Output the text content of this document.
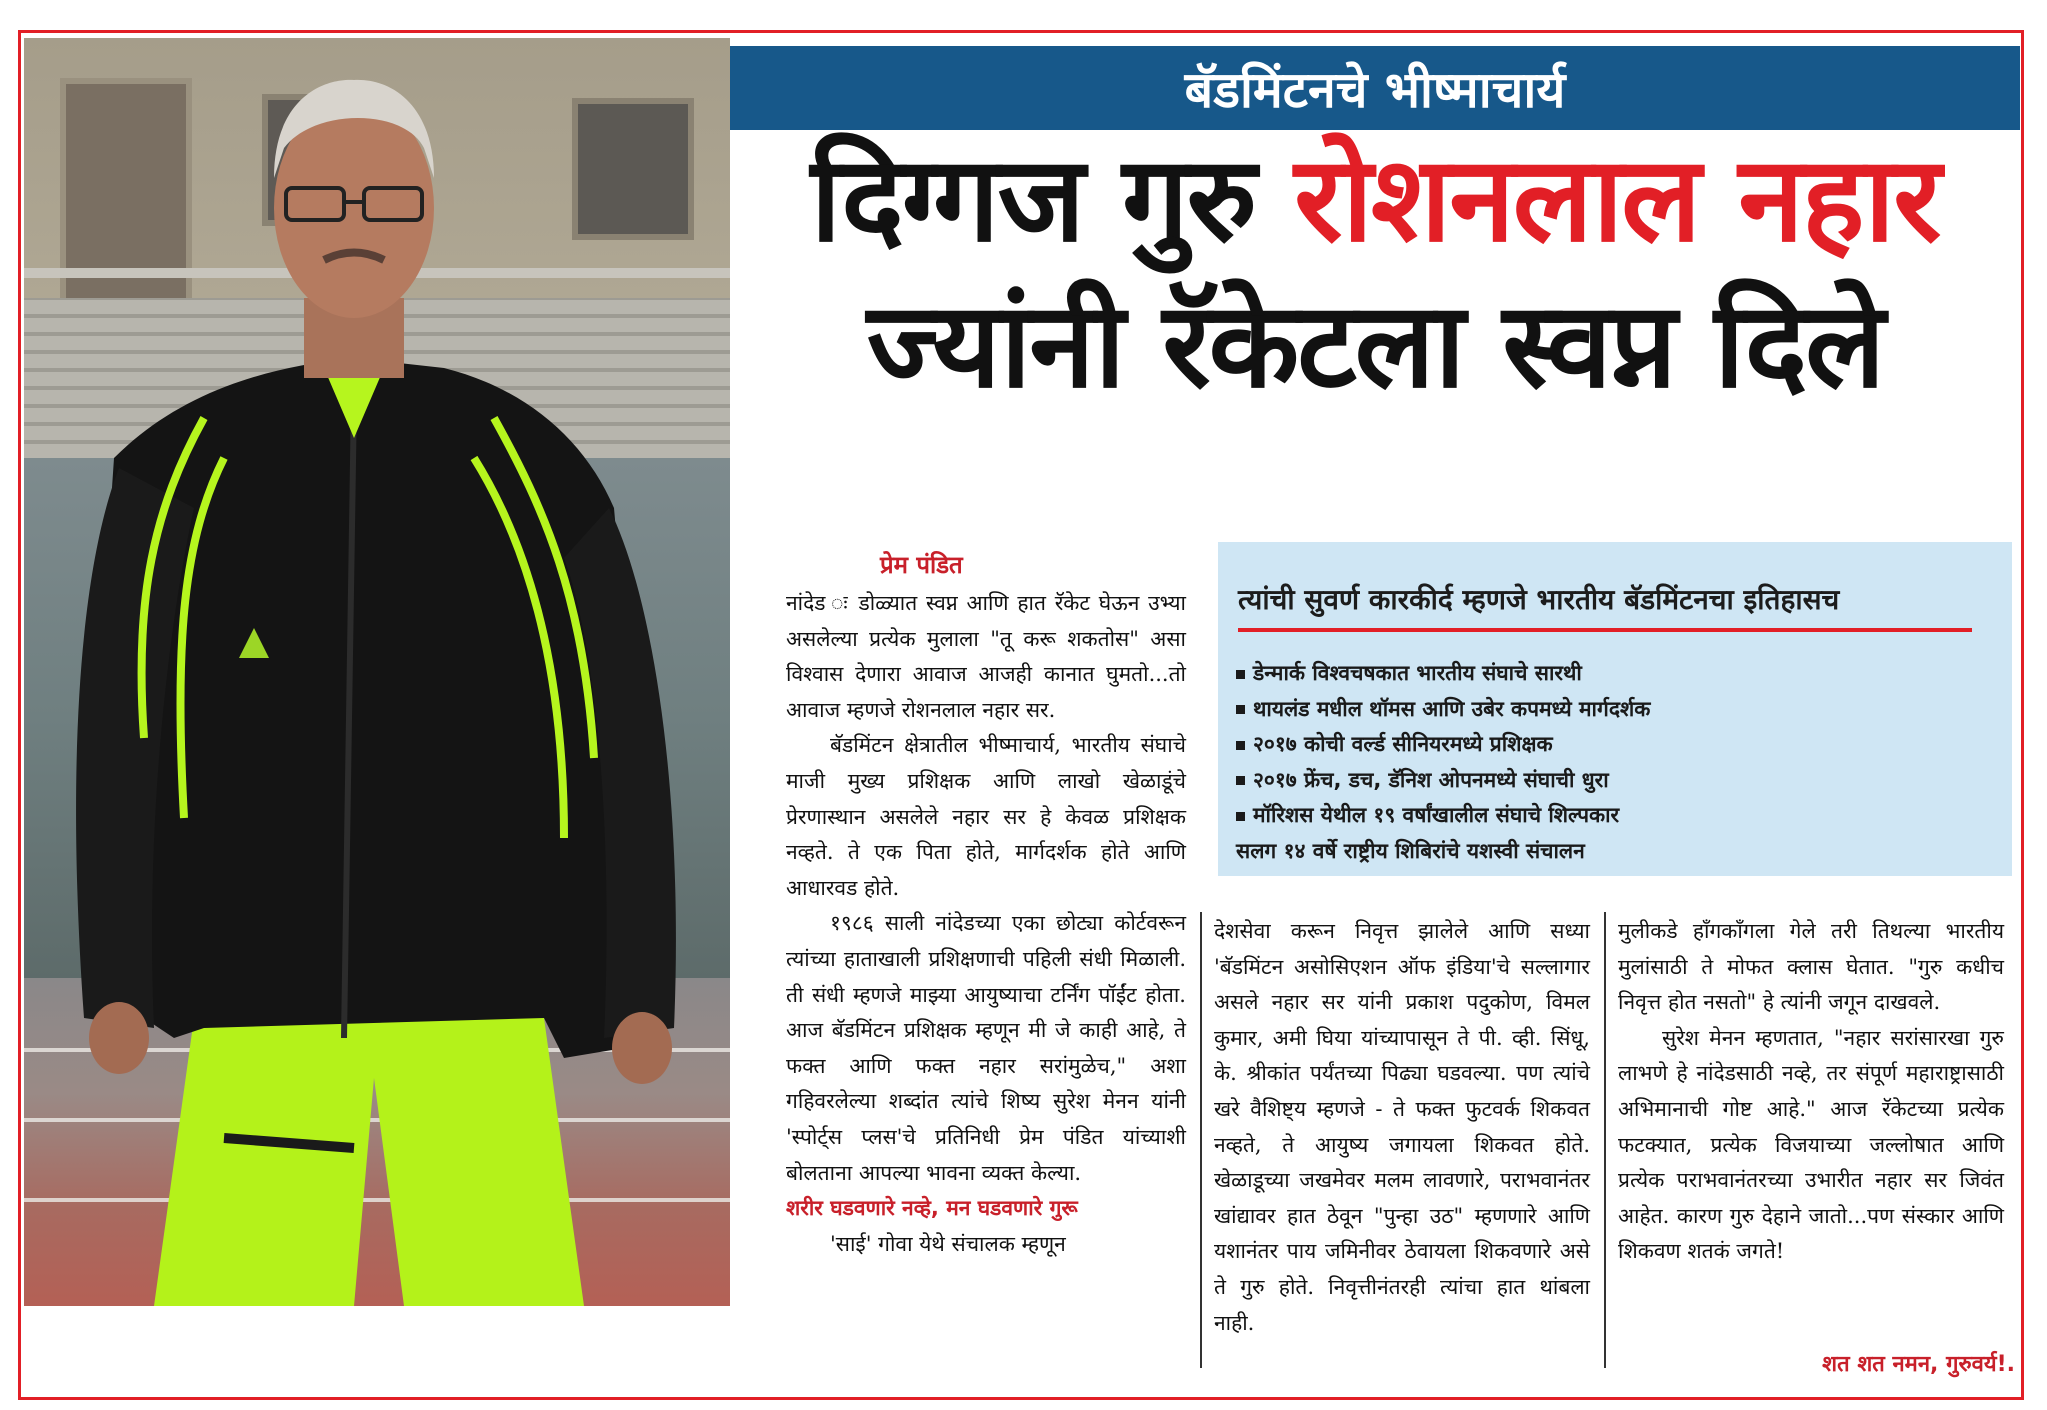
बॅडमिंटनचे भीष्माचार्य
दिग्गज गुरु रोशनलाल नहार
ज्यांनी रॅकेटला स्वप्न दिले
प्रेम पंडित

नांदेड ः डोळ्यात स्वप्न आणि हात रॅकेट घेऊन उभ्या असलेल्या प्रत्येक मुलाला "तू करू शकतोस" असा विश्वास देणारा आवाज आजही कानात घुमतो...तो आवाज म्हणजे रोशनलाल नहार सर.

बॅडमिंटन क्षेत्रातील भीष्माचार्य, भारतीय संघाचे माजी मुख्य प्रशिक्षक आणि लाखो खेळाडूंचे प्रेरणास्थान असलेले नहार सर हे केवळ प्रशिक्षक नव्हते. ते एक पिता होते, मार्गदर्शक होते आणि आधारवड होते.

१९८६ साली नांदेडच्या एका छोट्या कोर्टवरून त्यांच्या हाताखाली प्रशिक्षणाची पहिली संधी मिळाली. ती संधी म्हणजे माझ्या आयुष्याचा टर्निंग पॉईंट होता. आज बॅडमिंटन प्रशिक्षक म्हणून मी जे काही आहे, ते फक्त आणि फक्त नहार सरांमुळेच," अशा गहिवरलेल्या शब्दांत त्यांचे शिष्य सुरेश मेनन यांनी 'स्पोर्ट्स प्लस'चे प्रतिनिधी प्रेम पंडित यांच्याशी बोलताना आपल्या भावना व्यक्त केल्या.

शरीर घडवणारे नव्हे, मन घडवणारे गुरू

'साई' गोवा येथे संचालक म्हणून

त्यांची सुवर्ण कारकीर्द म्हणजे भारतीय बॅडमिंटनचा इतिहासच
डेन्मार्क विश्वचषकात भारतीय संघाचे सारथी
थायलंड मधील थॉमस आणि उबेर कपमध्ये मार्गदर्शक
२०१७ कोची वर्ल्ड सीनियरमध्ये प्रशिक्षक
२०१७ फ्रेंच, डच, डॅनिश ओपनमध्ये संघाची धुरा
मॉरिशस येथील १९ वर्षांखालील संघाचे शिल्पकार
सलग १४ वर्षे राष्ट्रीय शिबिरांचे यशस्वी संचालन

देशसेवा करून निवृत्त झालेले आणि सध्या 'बॅडमिंटन असोसिएशन ऑफ इंडिया'चे सल्लागार असले नहार सर यांनी प्रकाश पदुकोण, विमल कुमार, अमी घिया यांच्यापासून ते पी. व्ही. सिंधू, के. श्रीकांत पर्यंतच्या पिढ्या घडवल्या. पण त्यांचे खरे वैशिष्ट्य म्हणजे - ते फक्त फुटवर्क शिकवत नव्हते, ते आयुष्य जगायला शिकवत होते. खेळाडूच्या जखमेवर मलम लावणारे, पराभवानंतर खांद्यावर हात ठेवून "पुन्हा उठ" म्हणणारे आणि यशानंतर पाय जमिनीवर ठेवायला शिकवणारे असे ते गुरु होते. निवृत्तीनंतरही त्यांचा हात थांबला नाही.

मुलीकडे हॉंगकॉंगला गेले तरी तिथल्या भारतीय मुलांसाठी ते मोफत क्लास घेतात. "गुरु कधीच निवृत्त होत नसतो" हे त्यांनी जगून दाखवले.

सुरेश मेनन म्हणतात, "नहार सरांसारखा गुरु लाभणे हे नांदेडसाठी नव्हे, तर संपूर्ण महाराष्ट्रासाठी अभिमानाची गोष्ट आहे." आज रॅकेटच्या प्रत्येक फटक्यात, प्रत्येक विजयाच्या जल्लोषात आणि प्रत्येक पराभवानंतरच्या उभारीत नहार सर जिवंत आहेत. कारण गुरु देहाने जातो...पण संस्कार आणि शिकवण शतकं जगते!

शत शत नमन, गुरुवर्य!.
